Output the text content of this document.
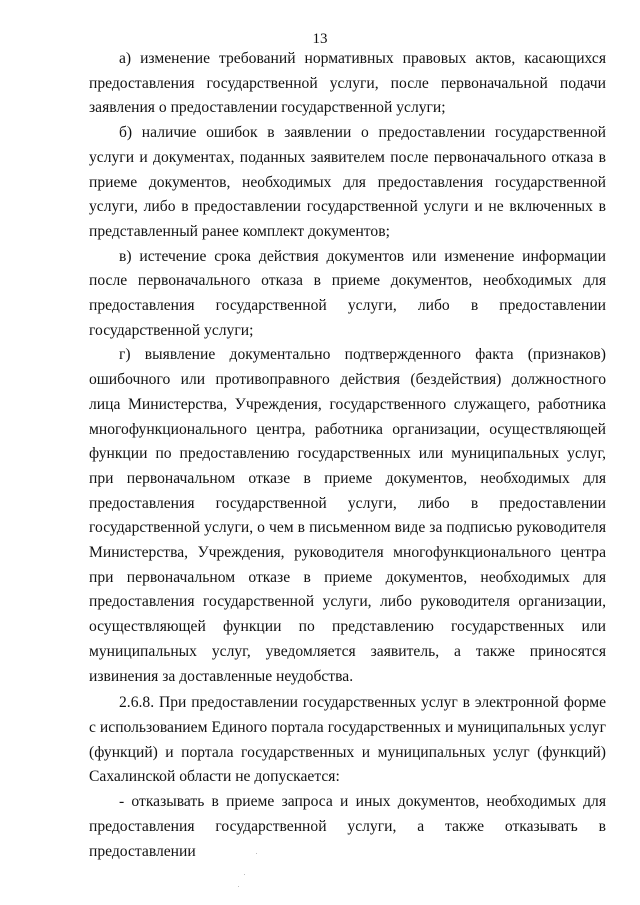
13

а) изменение требований нормативных правовых актов, касающихся предоставления государственной услуги, после первоначальной подачи заявления о предоставлении государственной услуги;

б) наличие ошибок в заявлении о предоставлении государственной услуги и документах, поданных заявителем после первоначального отказа в приеме документов, необходимых для предоставления государственной услуги, либо в предоставлении государственной услуги и не включенных в представленный ранее комплект документов;

в) истечение срока действия документов или изменение информации после первоначального отказа в приеме документов, необходимых для предоставления государственной услуги, либо в предоставлении государственной услуги;

г) выявление документально подтвержденного факта (признаков) ошибочного или противоправного действия (бездействия) должностного лица Министерства, Учреждения, государственного служащего, работника многофункционального центра, работника организации, осуществляющей функции по предоставлению государственных или муниципальных услуг, при первоначальном отказе в приеме документов, необходимых для предоставления государственной услуги, либо в предоставлении государственной услуги, о чем в письменном виде за подписью руководителя Министерства, Учреждения, руководителя многофункционального центра при первоначальном отказе в приеме документов, необходимых для предоставления государственной услуги, либо руководителя организации, осуществляющей функции по представлению государственных или муниципальных услуг, уведомляется заявитель, а также приносятся извинения за доставленные неудобства.

2.6.8. При предоставлении государственных услуг в электронной форме с использованием Единого портала государственных и муниципальных услуг (функций) и портала государственных и муниципальных услуг (функций) Сахалинской области не допускается:

- отказывать в приеме запроса и иных документов, необходимых для предоставления государственной услуги, а также отказывать в предоставлении
